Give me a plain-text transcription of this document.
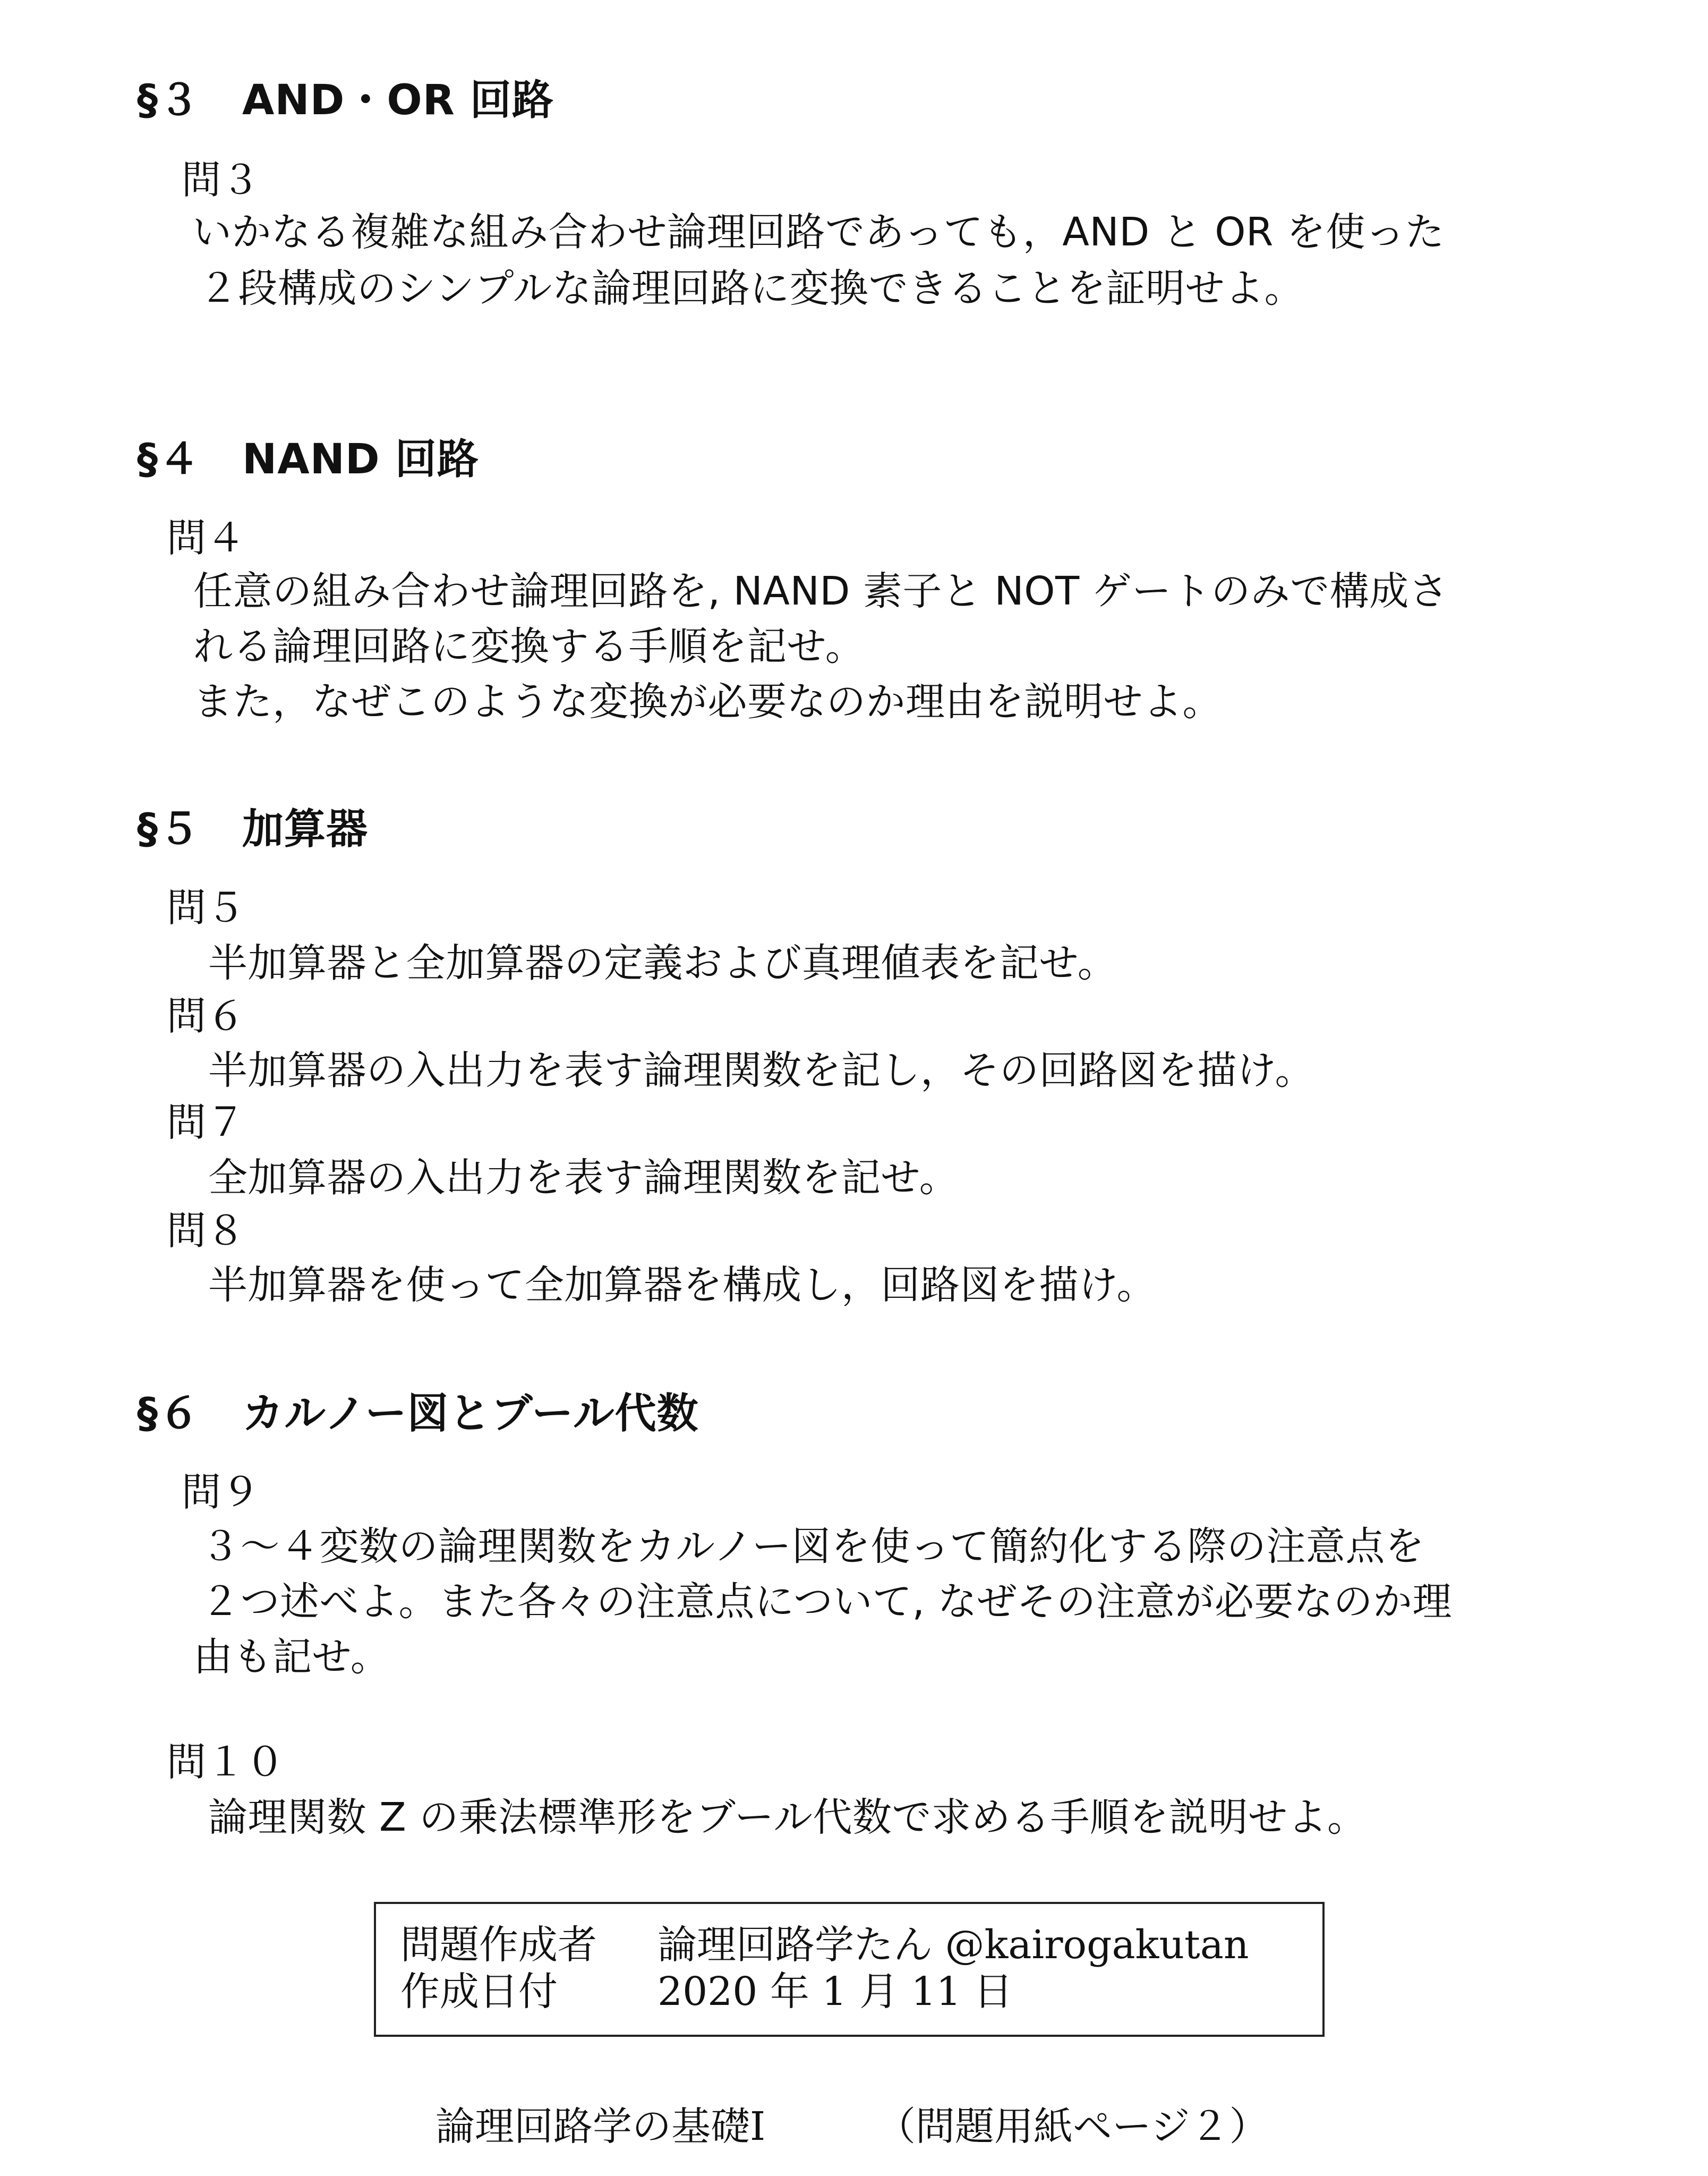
§３　AND・OR 回路
問３
いかなる複雑な組み合わせ論理回路であっても，AND と OR を使った
２段構成のシンプルな論理回路に変換できることを証明せよ。
§４　NAND 回路
問４
任意の組み合わせ論理回路を, NAND 素子と NOT ゲートのみで構成さ
れる論理回路に変換する手順を記せ。
また，なぜこのような変換が必要なのか理由を説明せよ。
§５　加算器
問５
半加算器と全加算器の定義および真理値表を記せ。
問６
半加算器の入出力を表す論理関数を記し，その回路図を描け。
問７
全加算器の入出力を表す論理関数を記せ。
問８
半加算器を使って全加算器を構成し，回路図を描け。
§６　カルノー図とブール代数
問９
３～４変数の論理関数をカルノー図を使って簡約化する際の注意点を
２つ述べよ。また各々の注意点について, なぜその注意が必要なのか理
由も記せ。
問１０
論理関数 Z の乗法標準形をブール代数で求める手順を説明せよ。
問題作成者 論理回路学たん @kairogakutan
作成日付	2020 年 1 月 11 日
論理回路学の基礎Ⅰ	（問題用紙ページ２）
